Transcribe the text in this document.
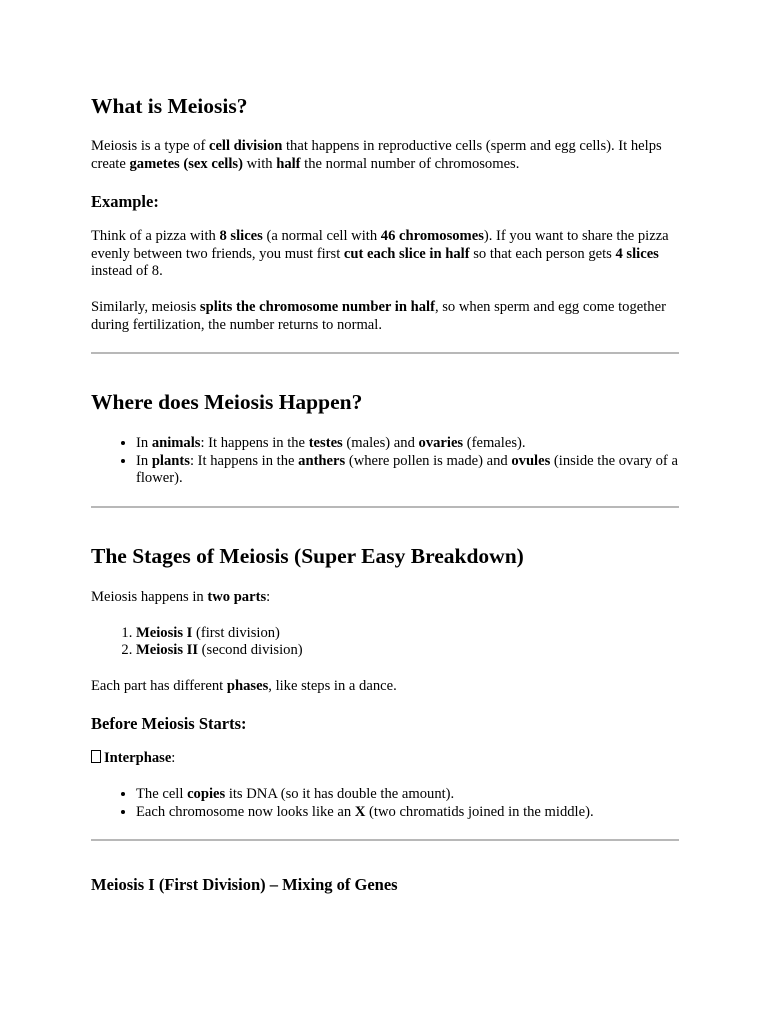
What is Meiosis?

Meiosis is a type of cell division that happens in reproductive cells (sperm and egg cells). It helps create gametes (sex cells) with half the normal number of chromosomes.

Example:

Think of a pizza with 8 slices (a normal cell with 46 chromosomes). If you want to share the pizza evenly between two friends, you must first cut each slice in half so that each person gets 4 slices instead of 8.

Similarly, meiosis splits the chromosome number in half, so when sperm and egg come together during fertilization, the number returns to normal.

Where does Meiosis Happen?
• In animals: It happens in the testes (males) and ovaries (females).
• In plants: It happens in the anthers (where pollen is made) and ovules (inside the ovary of a flower).
The Stages of Meiosis (Super Easy Breakdown)

Meiosis happens in two parts:

1. Meiosis I (first division)
2. Meiosis II (second division)

Each part has different phases, like steps in a dance.

Before Meiosis Starts:

Interphase:

• The cell copies its DNA (so it has double the amount).
• Each chromosome now looks like an X (two chromatids joined in the middle).
Meiosis I (First Division) – Mixing of Genes
